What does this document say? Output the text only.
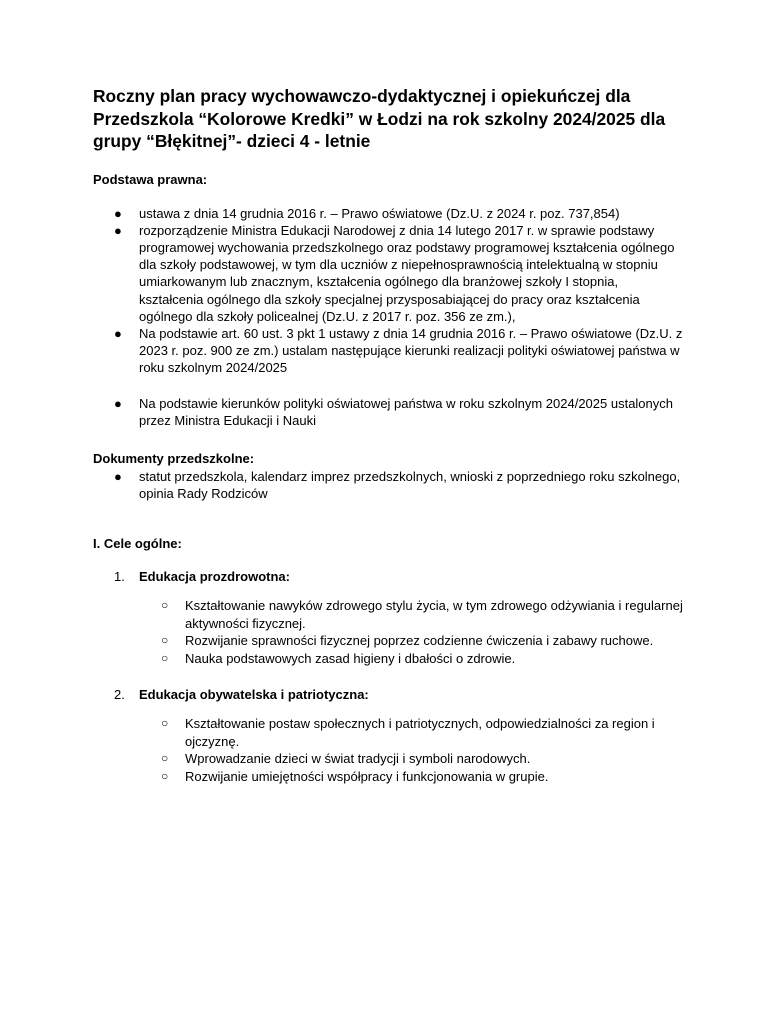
Roczny plan pracy wychowawczo-dydaktycznej i opiekuńczej dla Przedszkola “Kolorowe Kredki” w Łodzi na rok szkolny 2024/2025 dla grupy “Błękitnej”- dzieci 4 - letnie

Podstawa prawna:

● ustawa z dnia 14 grudnia 2016 r. – Prawo oświatowe (Dz.U. z 2024 r. poz. 737,854)
● rozporządzenie Ministra Edukacji Narodowej z dnia 14 lutego 2017 r. w sprawie podstawy programowej wychowania przedszkolnego oraz podstawy programowej kształcenia ogólnego dla szkoły podstawowej, w tym dla uczniów z niepełnosprawnością intelektualną w stopniu umiarkowanym lub znacznym, kształcenia ogólnego dla branżowej szkoły I stopnia, kształcenia ogólnego dla szkoły specjalnej przysposabiającej do pracy oraz kształcenia ogólnego dla szkoły policealnej (Dz.U. z 2017 r. poz. 356 ze zm.),
● Na podstawie art. 60 ust. 3 pkt 1 ustawy z dnia 14 grudnia 2016 r. – Prawo oświatowe (Dz.U. z 2023 r. poz. 900 ze zm.) ustalam następujące kierunki realizacji polityki oświatowej państwa w roku szkolnym 2024/2025
● Na podstawie kierunków polityki oświatowej państwa w roku szkolnym 2024/2025 ustalonych przez Ministra Edukacji i Nauki

Dokumenty przedszkolne:

● statut przedszkola, kalendarz imprez przedszkolnych, wnioski z poprzedniego roku szkolnego, opinia Rady Rodziców

I. Cele ogólne:

1. Edukacja prozdrowotna:
○ Kształtowanie nawyków zdrowego stylu życia, w tym zdrowego odżywiania i regularnej aktywności fizycznej.
○ Rozwijanie sprawności fizycznej poprzez codzienne ćwiczenia i zabawy ruchowe.
○ Nauka podstawowych zasad higieny i dbałości o zdrowie.
2. Edukacja obywatelska i patriotyczna:
○ Kształtowanie postaw społecznych i patriotycznych, odpowiedzialności za region i ojczyznę.
○ Wprowadzanie dzieci w świat tradycji i symboli narodowych.
○ Rozwijanie umiejętności współpracy i funkcjonowania w grupie.
